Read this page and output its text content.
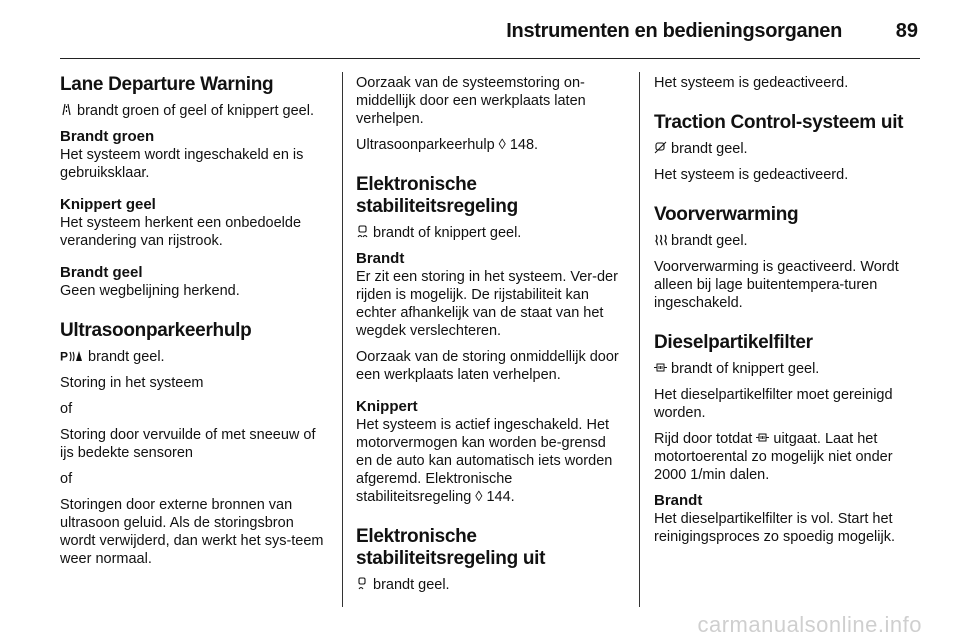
Instrumenten en bedieningsorganen	89
Lane Departure Warning

brandt groen of geel of knippert geel.

Brandt groen
Het systeem wordt ingeschakeld en is gebruiksklaar.
Knippert geel
Het systeem herkent een onbedoelde verandering van rijstrook.
Brandt geel
Geen wegbelijning herkend.
Ultrasoonparkeerhulp

P brandt geel.

Storing in het systeem

of

Storing door vervuilde of met sneeuw of ijs bedekte sensoren

of

Storingen door externe bronnen van ultrasoon geluid. Als de storingsbron wordt verwijderd, dan werkt het sys-teem weer normaal.

Oorzaak van de systeemstoring on-middellijk door een werkplaats laten verhelpen.

Ultrasoonparkeerhulp ◊ 148.

Elektronische stabiliteitsregeling

brandt of knippert geel.

Brandt

Er zit een storing in het systeem. Ver-der rijden is mogelijk. De rijstabiliteit kan echter afhankelijk van de staat van het wegdek verslechteren.

Oorzaak van de storing onmiddellijk door een werkplaats laten verhelpen.

Knippert
Het systeem is actief ingeschakeld. Het motorvermogen kan worden be-grensd en de auto kan automatisch iets worden afgeremd. Elektronische stabiliteitsregeling ◊ 144.
Elektronische stabiliteitsregeling uit

brandt geel.

Het systeem is gedeactiveerd.

Traction Control-systeem uit

brandt geel.

Het systeem is gedeactiveerd.

Voorverwarming

brandt geel.

Voorverwarming is geactiveerd. Wordt alleen bij lage buitentempera-turen ingeschakeld.

Dieselpartikelfilter

brandt of knippert geel.

Het dieselpartikelfilter moet gereinigd worden.

Rijd door totdat uitgaat. Laat het motortoerental zo mogelijk niet onder 2000 1/min dalen.

Brandt
Het dieselpartikelfilter is vol. Start het reinigingsproces zo spoedig mogelijk.
carmanualsonline.info
